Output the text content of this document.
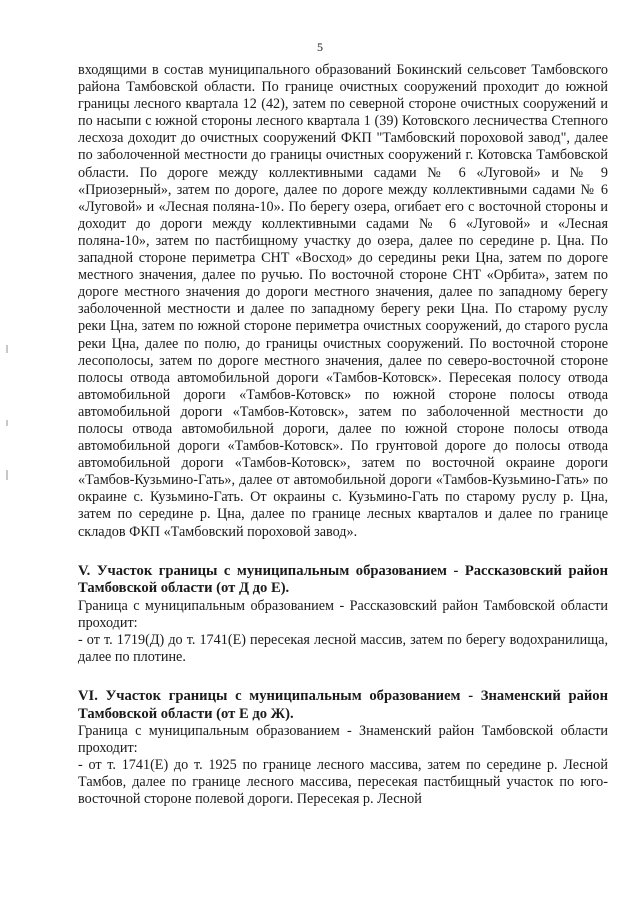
5

входящими в состав муниципального образований Бокинский сельсовет Тамбовского района Тамбовской области. По границе очистных сооружений проходит до южной границы лесного квартала 12 (42), затем по северной стороне очистных сооружений и по насыпи с южной стороны лесного квартала 1 (39) Котовского лесничества Степного лесхоза доходит до очистных сооружений ФКП "Тамбовский пороховой завод", далее по заболоченной местности до границы очистных сооружений г. Котовска Тамбовской области. По дороге между коллективными садами № 6 «Луговой» и № 9 «Приозерный», затем по дороге, далее по дороге между коллективными садами № 6 «Луговой» и «Лесная поляна-10». По берегу озера, огибает его с восточной стороны и доходит до дороги между коллективными садами № 6 «Луговой» и «Лесная поляна-10», затем по пастбищному участку до озера, далее по середине р. Цна. По западной стороне периметра СНТ «Восход» до середины реки Цна, затем по дороге местного значения, далее по ручью. По восточной стороне СНТ «Орбита», затем по дороге местного значения до дороги местного значения, далее по западному берегу заболоченной местности и далее по западному берегу реки Цна. По старому руслу реки Цна, затем по южной стороне периметра очистных сооружений, до старого русла реки Цна, далее по полю, до границы очистных сооружений. По восточной стороне лесополосы, затем по дороге местного значения, далее по северо-восточной стороне полосы отвода автомобильной дороги «Тамбов-Котовск». Пересекая полосу отвода автомобильной дороги «Тамбов-Котовск» по южной стороне полосы отвода автомобильной дороги «Тамбов-Котовск», затем по заболоченной местности до полосы отвода автомобильной дороги, далее по южной стороне полосы отвода автомобильной дороги «Тамбов-Котовск». По грунтовой дороге до полосы отвода автомобильной дороги «Тамбов-Котовск», затем по восточной окраине дороги «Тамбов-Кузьмино-Гать», далее от автомобильной дороги «Тамбов-Кузьмино-Гать» по окраине с. Кузьмино-Гать. От окраины с. Кузьмино-Гать по старому руслу р. Цна, затем по середине р. Цна, далее по границе лесных кварталов и далее по границе складов ФКП «Тамбовский пороховой завод».

V. Участок границы с муниципальным образованием - Рассказовский район Тамбовской области (от Д до Е).

Граница с муниципальным образованием - Рассказовский район Тамбовской области проходит:

- от т. 1719(Д) до т. 1741(Е) пересекая лесной массив, затем по берегу водохранилища, далее по плотине.

VI. Участок границы с муниципальным образованием - Знаменский район Тамбовской области (от Е до Ж).

Граница с муниципальным образованием - Знаменский район Тамбовской области проходит:

- от т. 1741(Е) до т. 1925 по границе лесного массива, затем по середине р. Лесной Тамбов, далее по границе лесного массива, пересекая пастбищный участок по юго-восточной стороне полевой дороги. Пересекая р. Лесной
